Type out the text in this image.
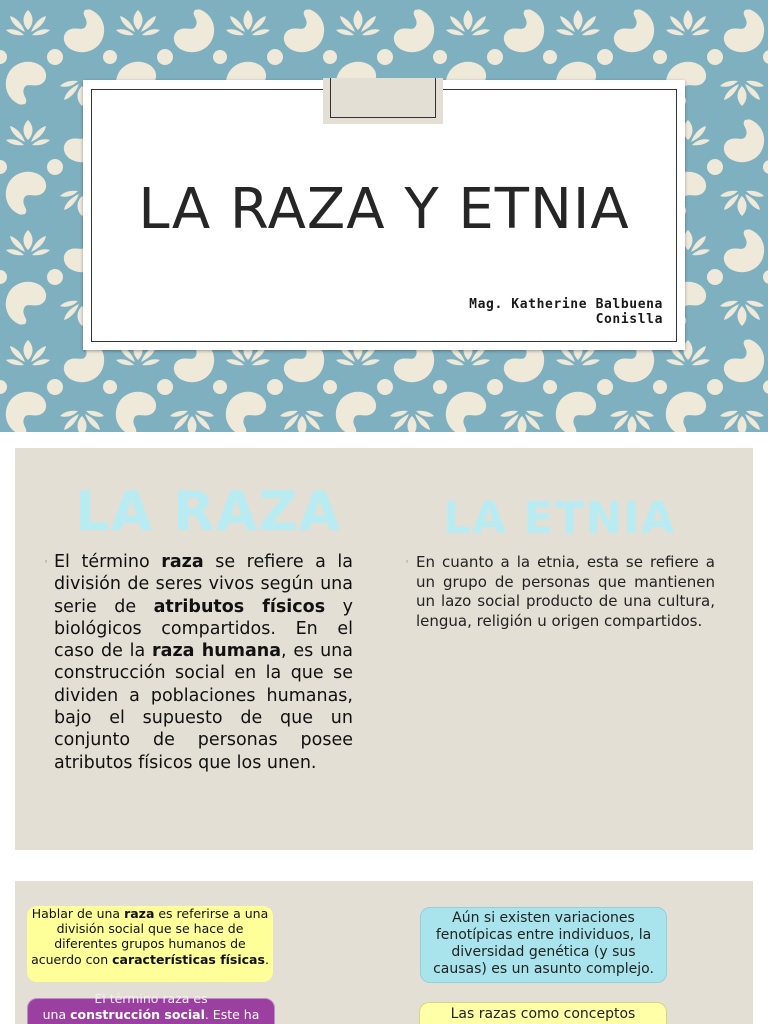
LA RAZA Y ETNIA
Mag. Katherine Balbuena
Conislla
LA RAZA LA ETNIA
◦ El término raza se refiere a la división de seres vivos según una serie de atributos físicos y biológicos compartidos. En el caso de la raza humana, es una construcción social en la que se dividen a poblaciones humanas, bajo el supuesto de que un conjunto de personas posee atributos físicos que los unen.
◦ En cuanto a la etnia, esta se refiere a un grupo de personas que mantienen un lazo social producto de una cultura, lengua, religión u origen compartidos.
Hablar de una raza es referirse a una división social que se hace de diferentes grupos humanos de acuerdo con características físicas.
Aún si existen variaciones fenotípicas entre individuos, la diversidad genética (y sus causas) es un asunto complejo.
El término raza es
una construcción social. Este ha	Las razas como conceptos
